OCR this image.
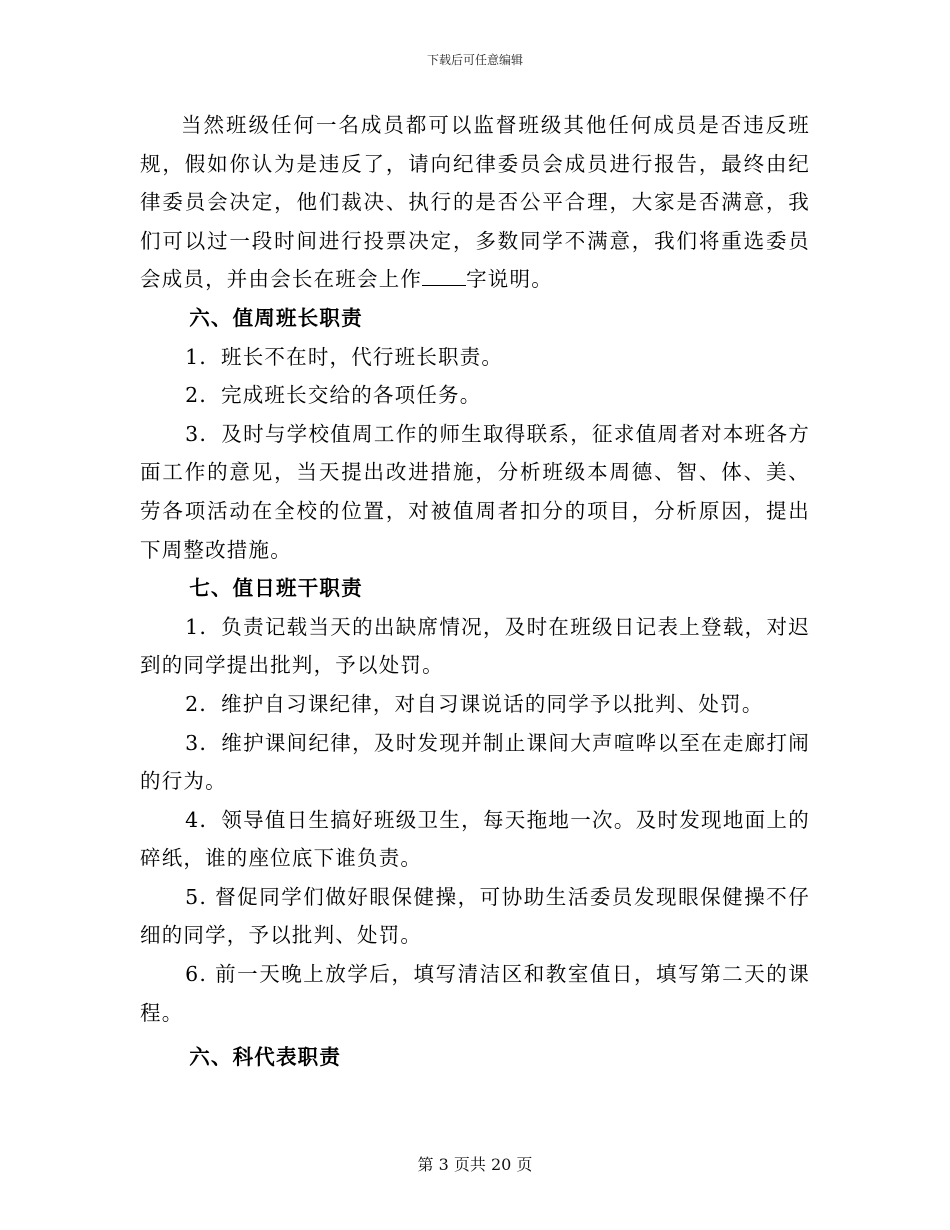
下载后可任意编辑

当然班级任何一名成员都可以监督班级其他任何成员是否违反班规，假如你认为是违反了，请向纪律委员会成员进行报告，最终由纪律委员会决定，他们裁决、执行的是否公平合理，大家是否满意，我们可以过一段时间进行投票决定，多数同学不满意，我们将重选委员会成员，并由会长在班会上作 字说明。

六、值周班长职责

1．班长不在时，代行班长职责。

2．完成班长交给的各项任务。

3．及时与学校值周工作的师生取得联系，征求值周者对本班各方面工作的意见，当天提出改进措施，分析班级本周德、智、体、美、劳各项活动在全校的位置，对被值周者扣分的项目，分析原因，提出下周整改措施。

七、值日班干职责

1．负责记载当天的出缺席情况，及时在班级日记表上登载，对迟到的同学提出批判，予以处罚。

2．维护自习课纪律，对自习课说话的同学予以批判、处罚。

3．维护课间纪律，及时发现并制止课间大声喧哗以至在走廊打闹的行为。

4．领导值日生搞好班级卫生，每天拖地一次。及时发现地面上的碎纸，谁的座位底下谁负责。

5. 督促同学们做好眼保健操，可协助生活委员发现眼保健操不仔细的同学，予以批判、处罚。

6. 前一天晚上放学后，填写清洁区和教室值日，填写第二天的课程。

六、科代表职责

第 3 页共 20 页
